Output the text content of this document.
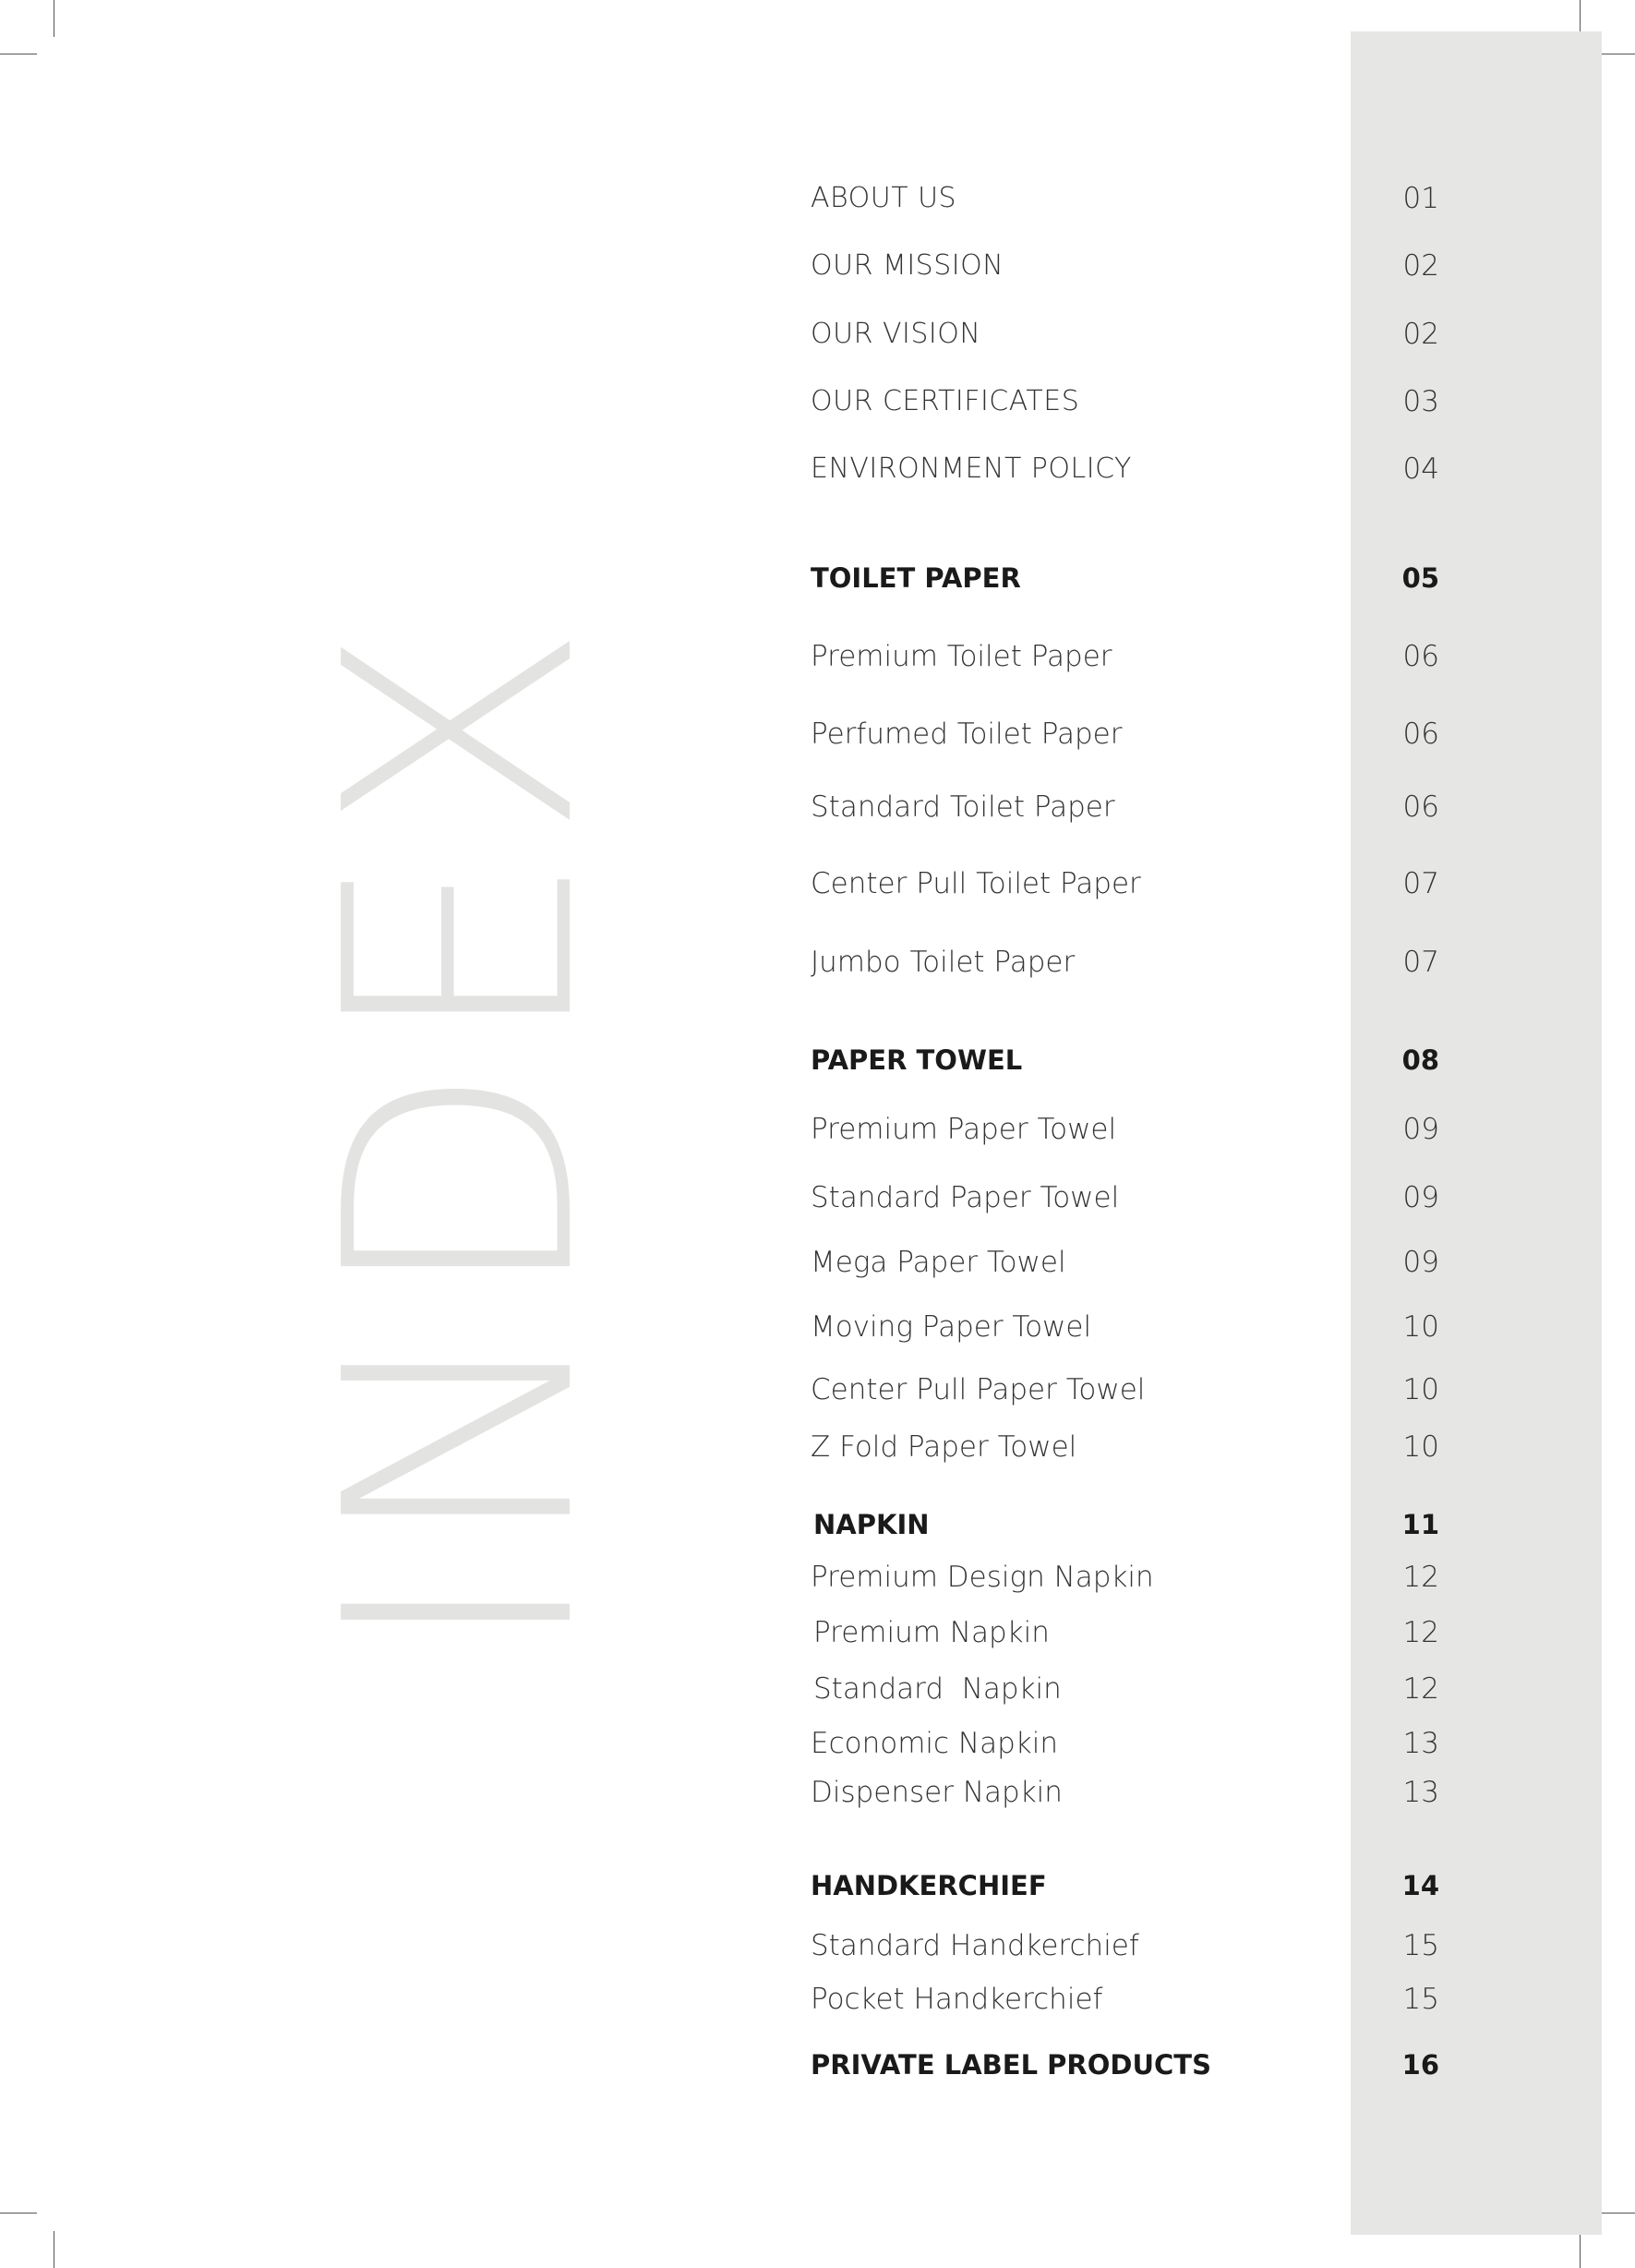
INDEX
ABOUT US	01
OUR MISSION	02
OUR VISION	02
OUR CERTIFICATES	03
ENVIRONMENT POLICY	04
TOILET PAPER	05
Premium Toilet Paper	06
Perfumed Toilet Paper	06
Standard Toilet Paper	06
Center Pull Toilet Paper	07
Jumbo Toilet Paper	07
PAPER TOWEL	08
Premium Paper Towel	09
Standard Paper Towel	09
Mega Paper Towel	09
Moving Paper Towel	10
Center Pull Paper Towel	10
Z Fold Paper Towel	10
NAPKIN	11
Premium Design Napkin	12
Premium Napkin	12
Standard  Napkin	12
Economic Napkin	13
Dispenser Napkin	13
HANDKERCHIEF	14
Standard Handkerchief	15
Pocket Handkerchief	15
PRIVATE LABEL PRODUCTS	16
